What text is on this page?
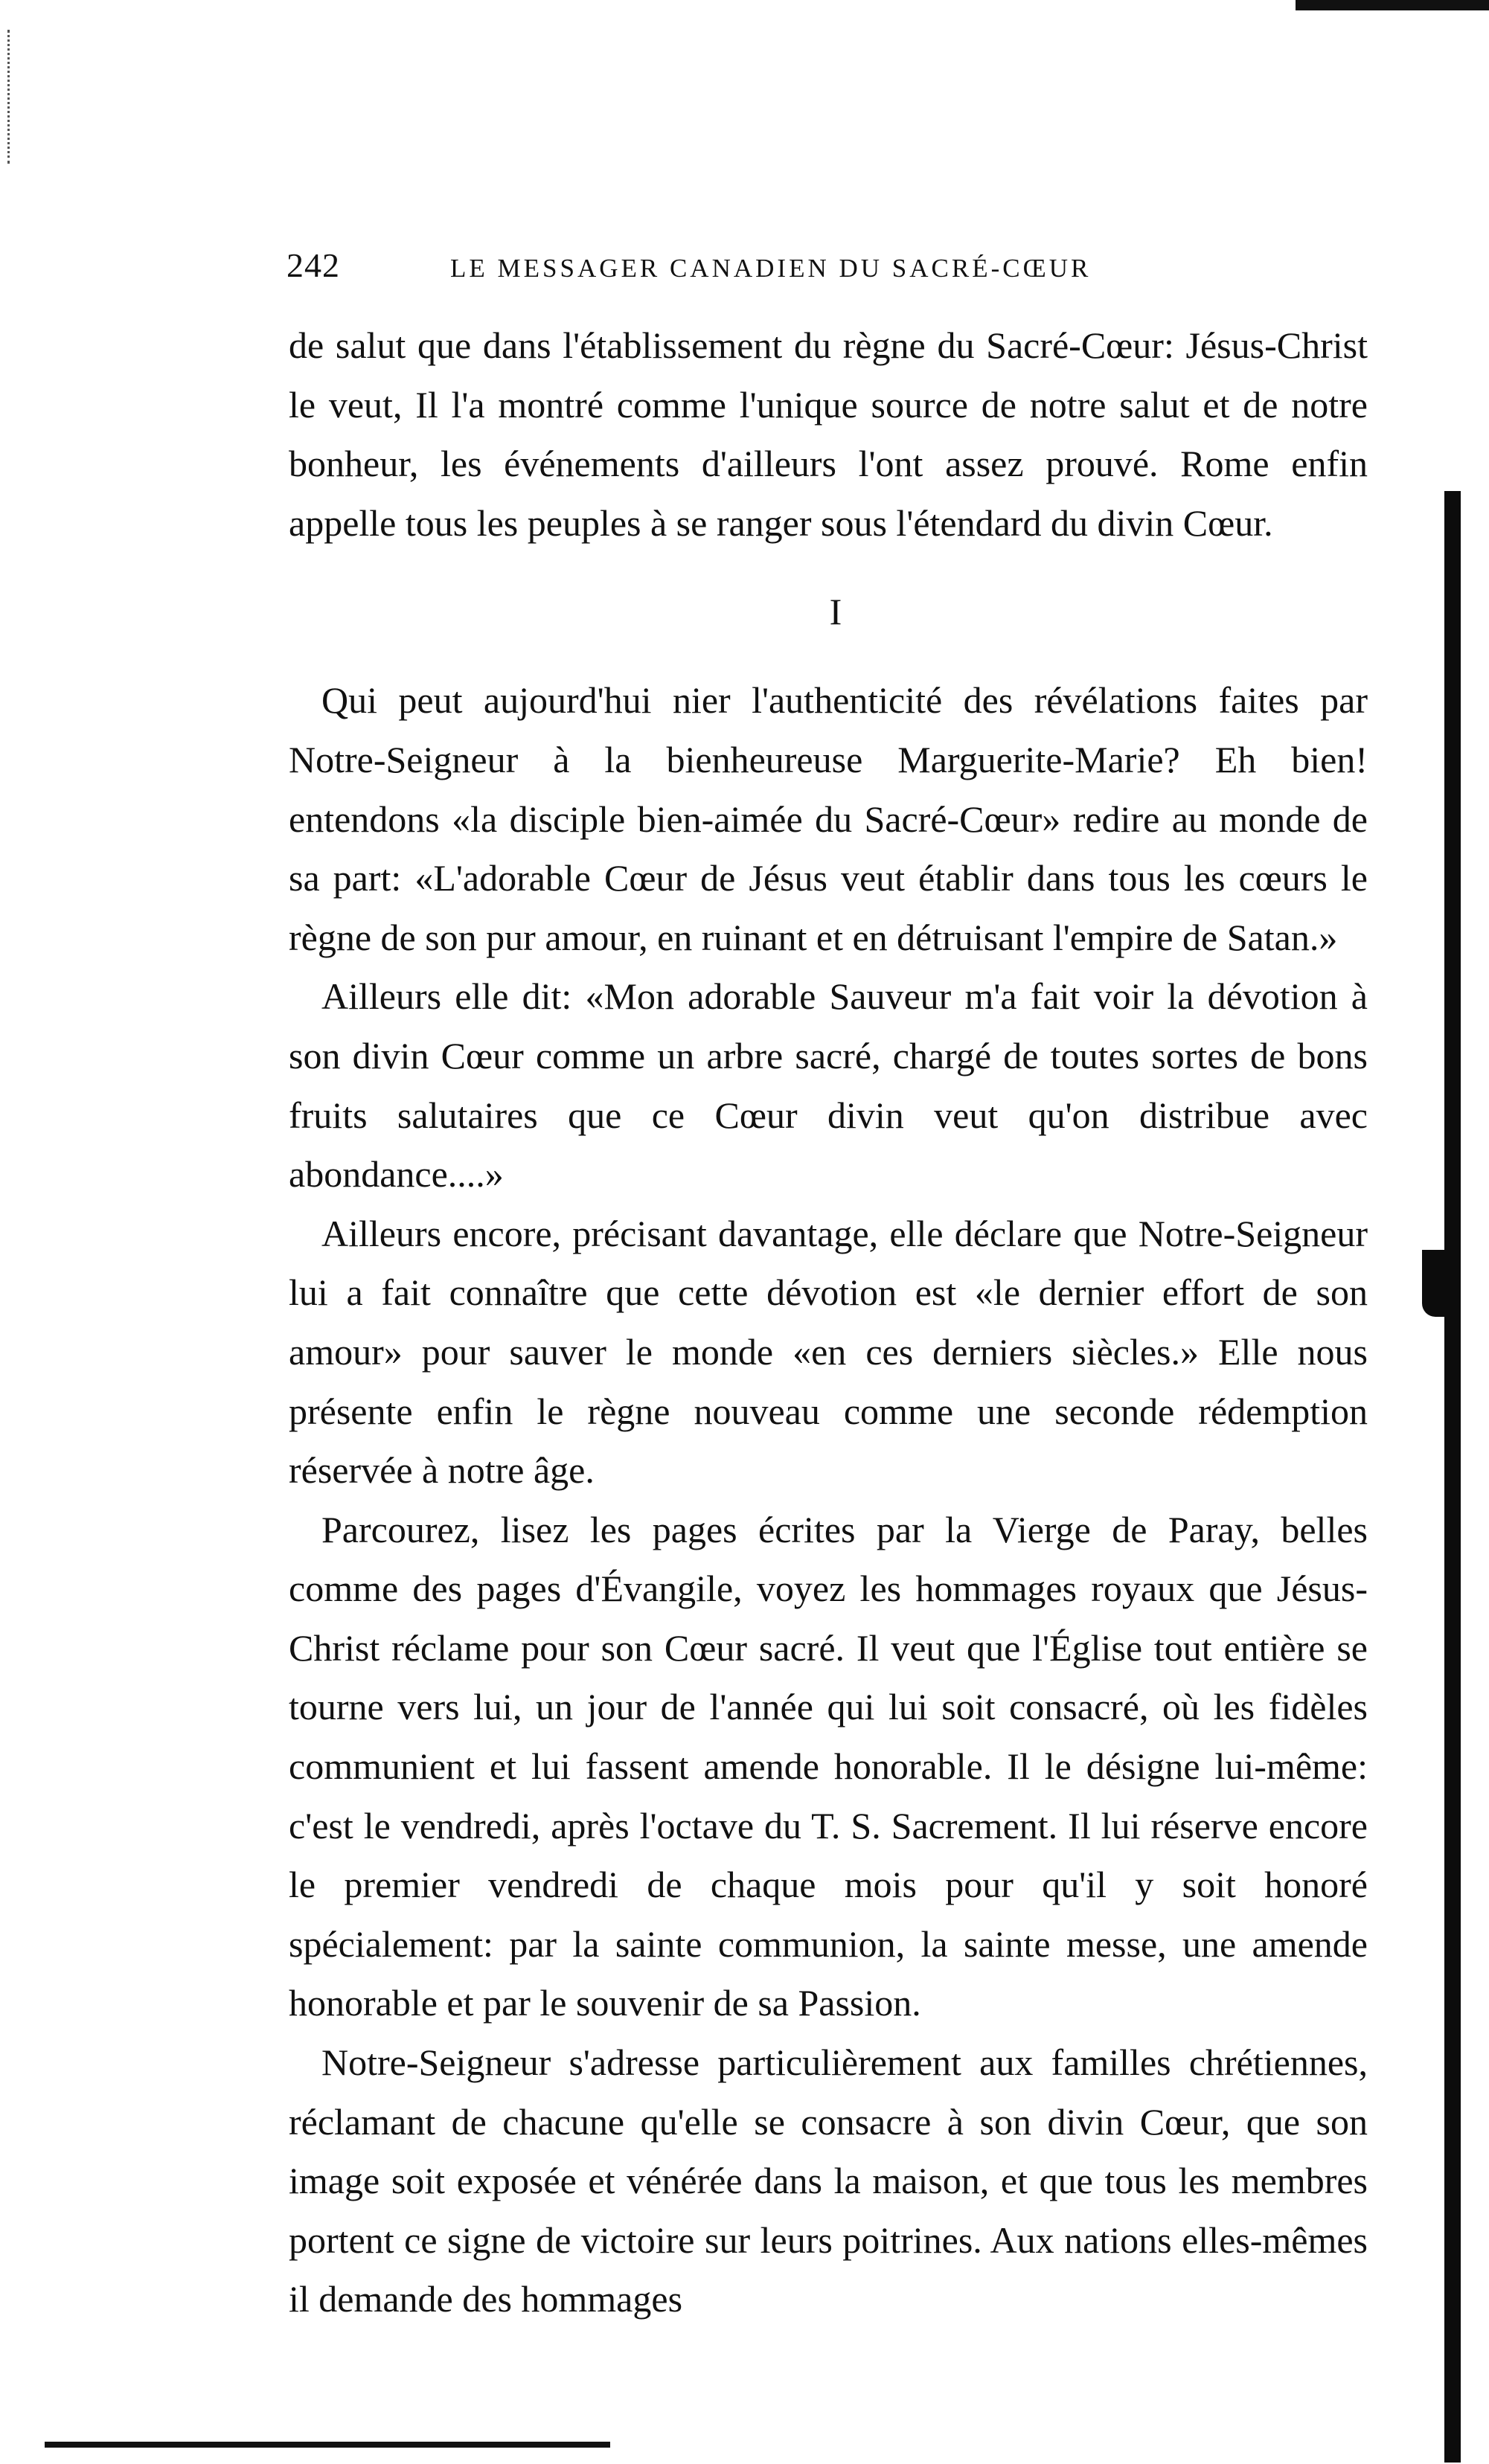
242	LE MESSAGER CANADIEN DU SACRÉ-CŒUR

de salut que dans l'établissement du règne du Sacré-Cœur: Jésus-Christ le veut, Il l'a montré comme l'unique source de notre salut et de notre bonheur, les événements d'ailleurs l'ont assez prouvé. Rome enfin appelle tous les peuples à se ranger sous l'étendard du divin Cœur.

I

Qui peut aujourd'hui nier l'authenticité des révélations faites par Notre-Seigneur à la bienheureuse Marguerite-Marie? Eh bien! entendons «la disciple bien-aimée du Sacré-Cœur» redire au monde de sa part: «L'adorable Cœur de Jésus veut établir dans tous les cœurs le règne de son pur amour, en ruinant et en détruisant l'empire de Satan.»

Ailleurs elle dit: «Mon adorable Sauveur m'a fait voir la dévotion à son divin Cœur comme un arbre sacré, chargé de toutes sortes de bons fruits salutaires que ce Cœur divin veut qu'on distribue avec abondance....»

Ailleurs encore, précisant davantage, elle déclare que Notre-Seigneur lui a fait connaître que cette dévotion est «le dernier effort de son amour» pour sauver le monde «en ces derniers siècles.» Elle nous présente enfin le règne nouveau comme une seconde rédemption réservée à notre âge.

Parcourez, lisez les pages écrites par la Vierge de Paray, belles comme des pages d'Évangile, voyez les hommages royaux que Jésus-Christ réclame pour son Cœur sacré. Il veut que l'Église tout entière se tourne vers lui, un jour de l'année qui lui soit consacré, où les fidèles communient et lui fassent amende honorable. Il le désigne lui-même: c'est le vendredi, après l'octave du T. S. Sacrement. Il lui réserve encore le premier vendredi de chaque mois pour qu'il y soit honoré spécialement: par la sainte communion, la sainte messe, une amende honorable et par le souvenir de sa Passion.

Notre-Seigneur s'adresse particulièrement aux familles chrétiennes, réclamant de chacune qu'elle se consacre à son divin Cœur, que son image soit exposée et vénérée dans la maison, et que tous les membres portent ce signe de victoire sur leurs poitrines. Aux nations elles-mêmes il demande des hommages
